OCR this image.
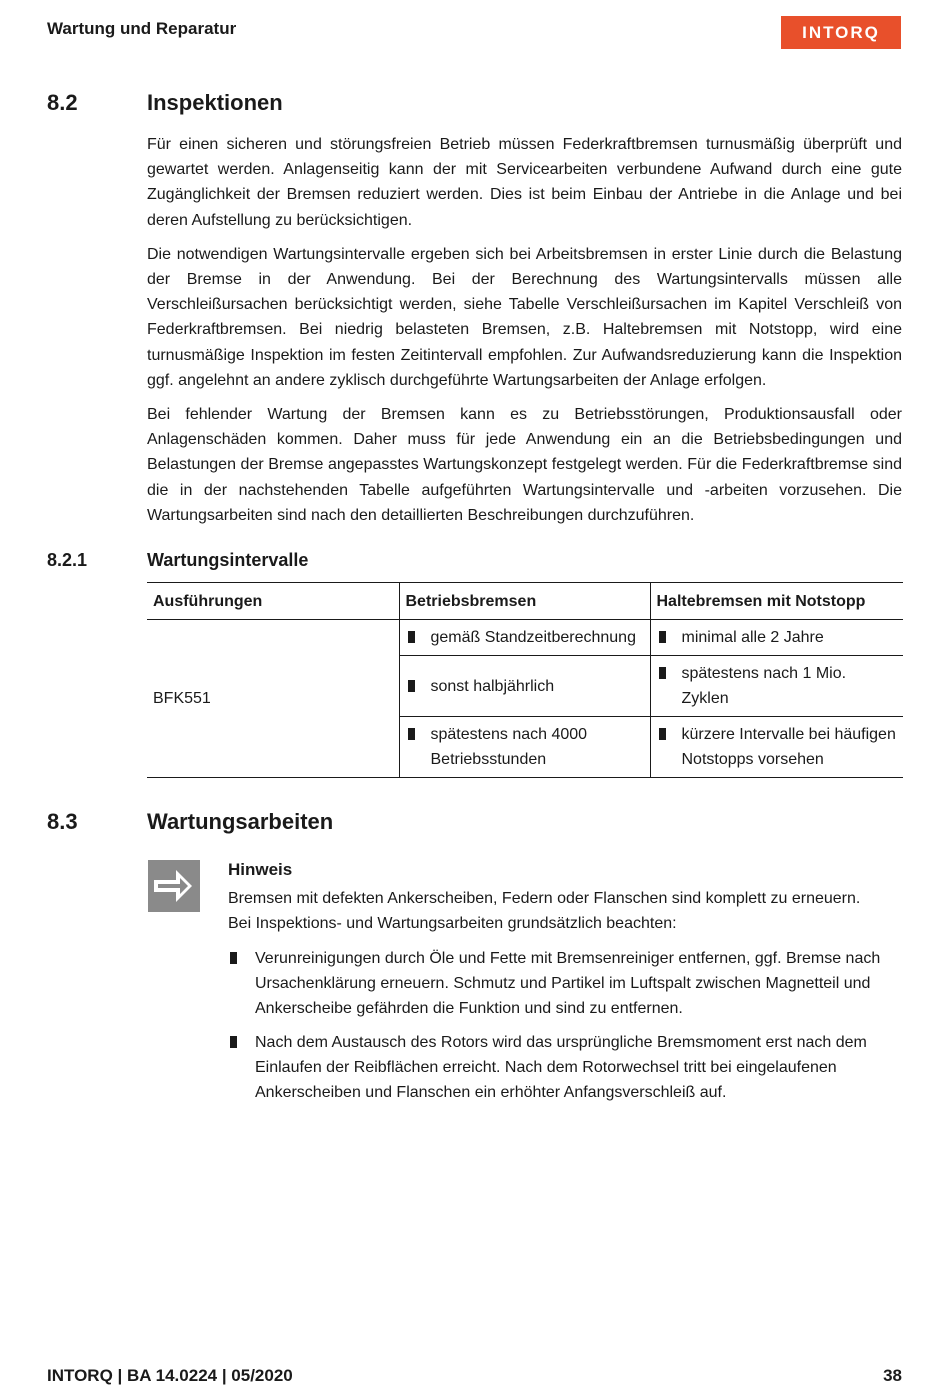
Wartung und Reparatur	INTORQ
8.2	Inspektionen

Für einen sicheren und störungsfreien Betrieb müssen Federkraftbremsen turnusmäßig überprüft und gewartet werden. Anlagenseitig kann der mit Servicearbeiten verbundene Aufwand durch eine gute Zugänglichkeit der Bremsen reduziert werden. Dies ist beim Einbau der Antriebe in die Anlage und bei deren Aufstellung zu berücksichtigen.

Die notwendigen Wartungsintervalle ergeben sich bei Arbeitsbremsen in erster Linie durch die Belastung der Bremse in der Anwendung. Bei der Berechnung des Wartungsintervalls müssen alle Verschleißursachen berücksichtigt werden, siehe Tabelle Verschleißursachen im Kapitel Verschleiß von Federkraftbremsen. Bei niedrig belasteten Bremsen, z.B. Haltebremsen mit Notstopp, wird eine turnusmäßige Inspektion im festen Zeitintervall empfohlen. Zur Aufwandsreduzierung kann die Inspektion ggf. angelehnt an andere zyklisch durchgeführte Wartungsarbeiten der Anlage erfolgen.

Bei fehlender Wartung der Bremsen kann es zu Betriebsstörungen, Produktionsausfall oder Anlagenschäden kommen. Daher muss für jede Anwendung ein an die Betriebsbedingungen und Belastungen der Bremse angepasstes Wartungskonzept festgelegt werden. Für die Federkraftbremse sind die in der nachstehenden Tabelle aufgeführten Wartungsintervalle und -arbeiten vorzusehen. Die Wartungsarbeiten sind nach den detaillierten Beschreibungen durchzuführen.

8.2.1	Wartungsintervalle
Ausführungen	Betriebsbremsen	Haltebremsen mit Notstopp
BFK551	gemäß Standzeitberechnung	minimal alle 2 Jahre

	sonst halbjährlich	spätestens nach 1 Mio. Zyklen

	spätestens nach 4000 Betriebsstunden	kürzere Intervalle bei häufigen Notstopps vorsehen
8.3	Wartungsarbeiten
Hinweis

Bremsen mit defekten Ankerscheiben, Federn oder Flanschen sind komplett zu erneuern.

Bei Inspektions- und Wartungsarbeiten grundsätzlich beachten:

Verunreinigungen durch Öle und Fette mit Bremsenreiniger entfernen, ggf. Bremse nach Ursachenklärung erneuern. Schmutz und Partikel im Luftspalt zwischen Magnetteil und Ankerscheibe gefährden die Funktion und sind zu entfernen.
Nach dem Austausch des Rotors wird das ursprüngliche Bremsmoment erst nach dem Einlaufen der Reibflächen erreicht. Nach dem Rotorwechsel tritt bei eingelaufenen Ankerscheiben und Flanschen ein erhöhter Anfangsverschleiß auf.
INTORQ | BA 14.0224 | 05/2020	38
